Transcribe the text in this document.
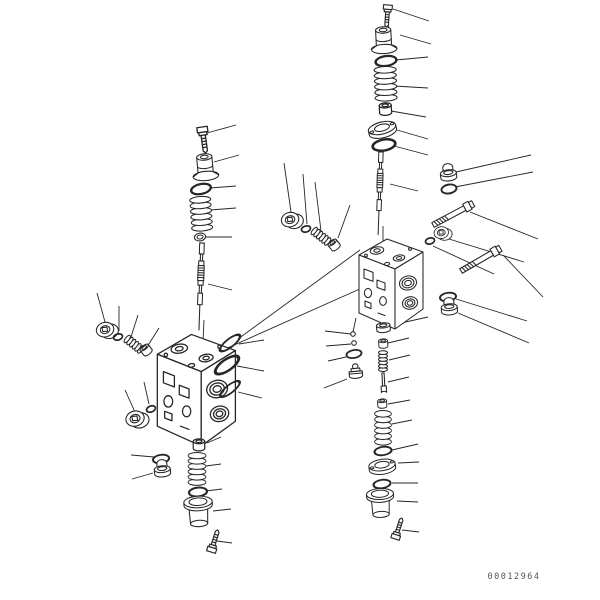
00012964
